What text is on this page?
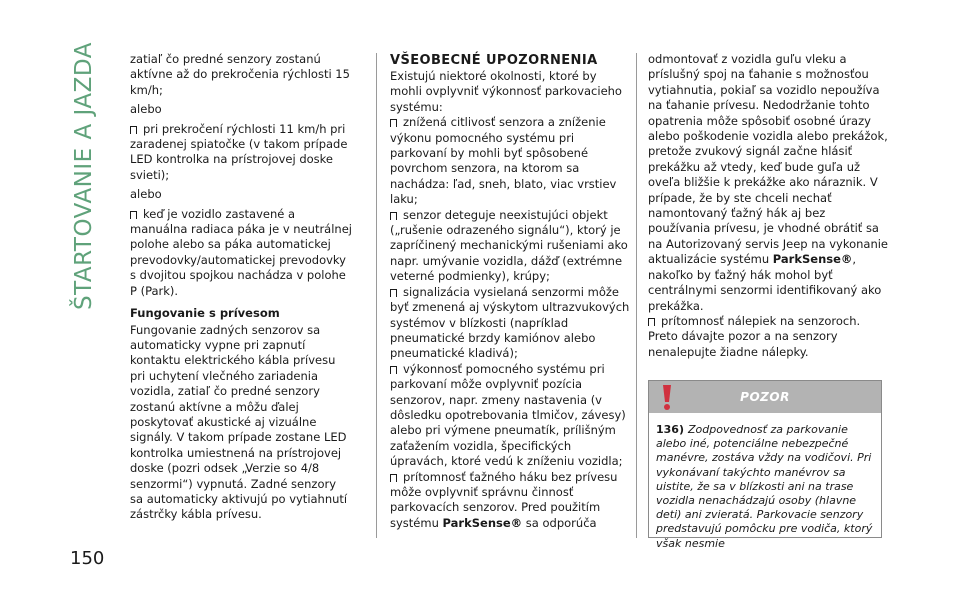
ŠTARTOVANIE A JAZDA	zatiaľ čo predné senzory zostanú aktívne až do prekročenia rýchlosti 15 km/h;

alebo

pri prekročení rýchlosti 11 km/h pri zaradenej spiatočke (v takom prípade LED kontrolka na prístrojovej doske svieti);

alebo

keď je vozidlo zastavené a manuálna radiaca páka je v neutrálnej polohe alebo sa páka automatickej prevodovky/automatickej prevodovky s dvojitou spojkou nachádza v polohe P (Park).

Fungovanie s prívesom

Fungovanie zadných senzorov sa automaticky vypne pri zapnutí kontaktu elektrického kábla prívesu pri uchytení vlečného zariadenia vozidla, zatiaľ čo predné senzory zostanú aktívne a môžu ďalej poskytovať akustické aj vizuálne signály. V takom prípade zostane LED kontrolka umiestnená na prístrojovej doske (pozri odsek „Verzie so 4/8 senzormi“) vypnutá. Zadné senzory sa automaticky aktivujú po vytiahnutí zástrčky kábla prívesu.

VŠEOBECNÉ UPOZORNENIA

Existujú niektoré okolnosti, ktoré by mohli ovplyvniť výkonnosť parkovacieho systému:

znížená citlivosť senzora a zníženie výkonu pomocného systému pri parkovaní by mohli byť spôsobené povrchom senzora, na ktorom sa nachádza: ľad, sneh, blato, viac vrstiev laku;

senzor deteguje neexistujúci objekt („rušenie odrazeného signálu“), ktorý je zapríčinený mechanickými rušeniami ako napr. umývanie vozidla, dážď (extrémne veterné podmienky), krúpy;

signalizácia vysielaná senzormi môže byť zmenená aj výskytom ultrazvukových systémov v blízkosti (napríklad pneumatické brzdy kamiónov alebo pneumatické kladivá);

výkonnosť pomocného systému pri parkovaní môže ovplyvniť pozícia senzorov, napr. zmeny nastavenia (v dôsledku opotrebovania tlmičov, závesy) alebo pri výmene pneumatík, prílišným zaťažením vozidla, špecifických úpravách, ktoré vedú k zníženiu vozidla;

prítomnosť ťažného háku bez prívesu môže ovplyvniť správnu činnosť parkovacích senzorov. Pred použitím systému ParkSense® sa odporúča

odmontovať z vozidla guľu vleku a príslušný spoj na ťahanie s možnosťou vytiahnutia, pokiaľ sa vozidlo nepoužíva na ťahanie prívesu. Nedodržanie tohto opatrenia môže spôsobiť osobné úrazy alebo poškodenie vozidla alebo prekážok, pretože zvukový signál začne hlásiť prekážku až vtedy, keď bude guľa už oveľa bližšie k prekážke ako náraznik. V prípade, že by ste chceli nechať namontovaný ťažný hák aj bez používania prívesu, je vhodné obrátiť sa na Autorizovaný servis Jeep na vykonanie aktualizácie systému ParkSense®, nakoľko by ťažný hák mohol byť centrálnymi senzormi identifikovaný ako prekážka.

prítomnosť nálepiek na senzoroch. Preto dávajte pozor a na senzory nenalepujte žiadne nálepky.

POZOR
136) Zodpovednosť za parkovanie alebo iné, potenciálne nebezpečné manévre, zostáva vždy na vodičovi. Pri vykonávaní takýchto manévrov sa uistite, že sa v blízkosti ani na trase vozidla nenachádzajú osoby (hlavne deti) ani zvieratá. Parkovacie senzory predstavujú pomôcku pre vodiča, ktorý však nesmie
150
